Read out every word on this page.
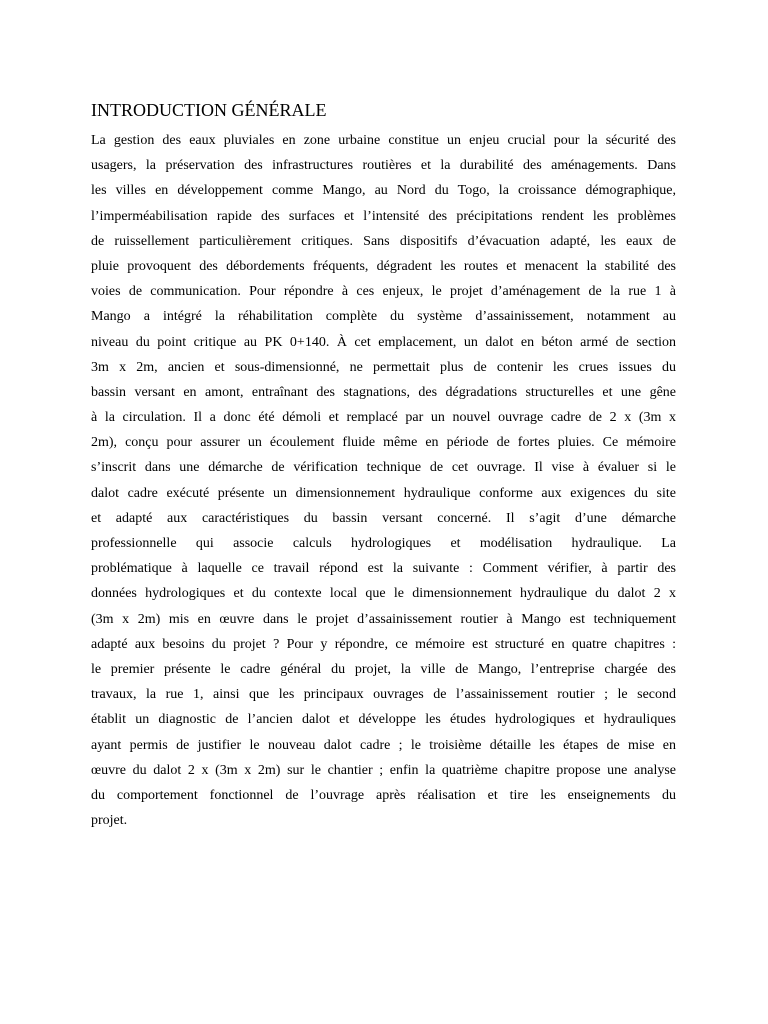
INTRODUCTION GÉNÉRALE
La gestion des eaux pluviales en zone urbaine constitue un enjeu crucial pour la sécurité des
usagers, la préservation des infrastructures routières et la durabilité des aménagements. Dans
les villes en développement comme Mango, au Nord du Togo, la croissance démographique,
l’imperméabilisation rapide des surfaces et l’intensité des précipitations rendent les problèmes
de ruissellement particulièrement critiques. Sans dispositifs d’évacuation adapté, les eaux de
pluie provoquent des débordements fréquents, dégradent les routes et menacent la stabilité des
voies de communication. Pour répondre à ces enjeux, le projet d’aménagement de la rue 1 à
Mango a intégré la réhabilitation complète du système d’assainissement, notamment au
niveau du point critique au PK 0+140. À cet emplacement, un dalot en béton armé de section
3m x 2m, ancien et sous-dimensionné, ne permettait plus de contenir les crues issues du
bassin versant en amont, entraînant des stagnations, des dégradations structurelles et une gêne
à la circulation. Il a donc été démoli et remplacé par un nouvel ouvrage cadre de 2 x (3m x
2m), conçu pour assurer un écoulement fluide même en période de fortes pluies. Ce mémoire
s’inscrit dans une démarche de vérification technique de cet ouvrage. Il vise à évaluer si le
dalot cadre exécuté présente un dimensionnement hydraulique conforme aux exigences du site
et adapté aux caractéristiques du bassin versant concerné. Il s’agit d’une démarche
professionnelle qui associe calculs hydrologiques et modélisation hydraulique. La
problématique à laquelle ce travail répond est la suivante : Comment vérifier, à partir des
données hydrologiques et du contexte local que le dimensionnement hydraulique du dalot 2 x
(3m x 2m) mis en œuvre dans le projet d’assainissement routier à Mango est techniquement
adapté aux besoins du projet ? Pour y répondre, ce mémoire est structuré en quatre chapitres :
le premier présente le cadre général du projet, la ville de Mango, l’entreprise chargée des
travaux, la rue 1, ainsi que les principaux ouvrages de l’assainissement routier ; le second
établit un diagnostic de l’ancien dalot et développe les études hydrologiques et hydrauliques
ayant permis de justifier le nouveau dalot cadre ; le troisième détaille les étapes de mise en
œuvre du dalot 2 x (3m x 2m) sur le chantier ; enfin la quatrième chapitre propose une analyse
du comportement fonctionnel de l’ouvrage après réalisation et tire les enseignements du
projet.
